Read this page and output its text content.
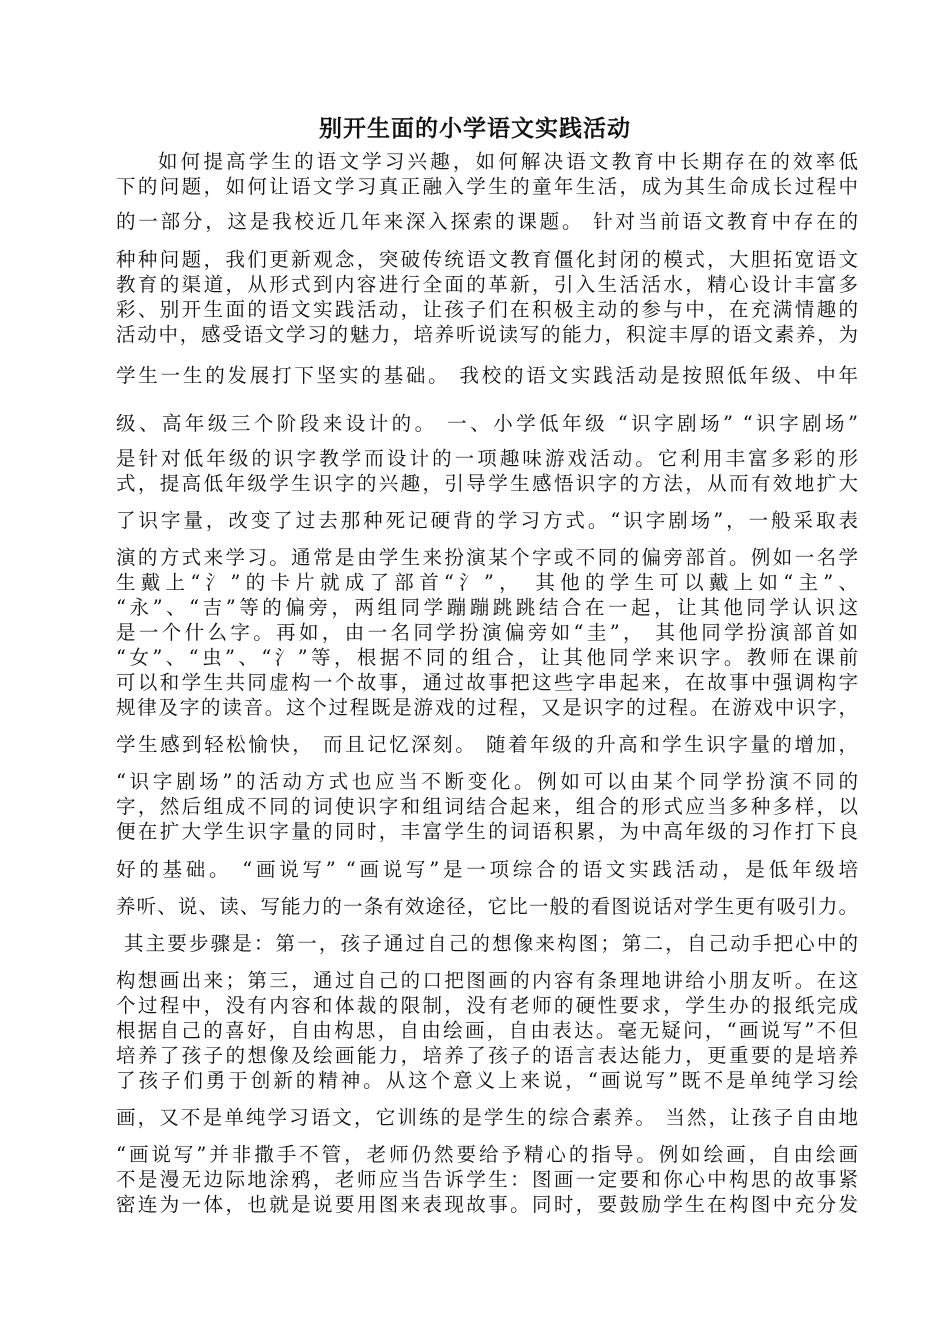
别开生面的小学语文实践活动
如何提高学生的语文学习兴趣，如何解决语文教育中长期存在的效率低
下的问题，如何让语文学习真正融入学生的童年生活，成为其生命成长过程中
的一部分，这是我校近几年来深入探索的课题。 针对当前语文教育中存在的
种种问题，我们更新观念，突破传统语文教育僵化封闭的模式，大胆拓宽语文
教育的渠道，从形式到内容进行全面的革新，引入生活活水，精心设计丰富多
彩、别开生面的语文实践活动，让孩子们在积极主动的参与中，在充满情趣的
活动中，感受语文学习的魅力，培养听说读写的能力，积淀丰厚的语文素养，为
学生一生的发展打下坚实的基础。 我校的语文实践活动是按照低年级、中年
级、高年级三个阶段来设计的。 一、小学低年级 “识字剧场” “识字剧场”
是针对低年级的识字教学而设计的一项趣味游戏活动。它利用丰富多彩的形
式，提高低年级学生识字的兴趣，引导学生感悟识字的方法，从而有效地扩大
了识字量，改变了过去那种死记硬背的学习方式。“识字剧场”，一般采取表
演的方式来学习。通常是由学生来扮演某个字或不同的偏旁部首。例如一名学
生戴上“氵”的卡片就成了部首“氵”， 其他的学生可以戴上如“主”、
“永”、“吉”等的偏旁，两组同学蹦蹦跳跳结合在一起，让其他同学认识这
是一个什么字。再如，由一名同学扮演偏旁如“圭”， 其他同学扮演部首如
“女”、“虫”、“氵”等，根据不同的组合，让其他同学来识字。教师在课前
可以和学生共同虚构一个故事，通过故事把这些字串起来，在故事中强调构字
规律及字的读音。这个过程既是游戏的过程，又是识字的过程。在游戏中识字，
学生感到轻松愉快， 而且记忆深刻。 随着年级的升高和学生识字量的增加，
“识字剧场”的活动方式也应当不断变化。例如可以由某个同学扮演不同的
字，然后组成不同的词使识字和组词结合起来，组合的形式应当多种多样，以
便在扩大学生识字量的同时，丰富学生的词语积累，为中高年级的习作打下良
好的基础。 “画说写” “画说写”是一项综合的语文实践活动，是低年级培
养听、说、读、写能力的一条有效途径，它比一般的看图说话对学生更有吸引力。
其主要步骤是：第一，孩子通过自己的想像来构图；第二，自己动手把心中的
构想画出来；第三，通过自己的口把图画的内容有条理地讲给小朋友听。在这
个过程中，没有内容和体裁的限制，没有老师的硬性要求，学生办的报纸完成
根据自己的喜好，自由构思，自由绘画，自由表达。毫无疑问，“画说写”不但
培养了孩子的想像及绘画能力，培养了孩子的语言表达能力，更重要的是培养
了孩子们勇于创新的精神。从这个意义上来说，“画说写”既不是单纯学习绘
画，又不是单纯学习语文，它训练的是学生的综合素养。 当然，让孩子自由地
“画说写”并非撒手不管，老师仍然要给予精心的指导。例如绘画，自由绘画
不是漫无边际地涂鸦，老师应当告诉学生：图画一定要和你心中构思的故事紧
密连为一体，也就是说要用图来表现故事。同时，要鼓励学生在构图中充分发
